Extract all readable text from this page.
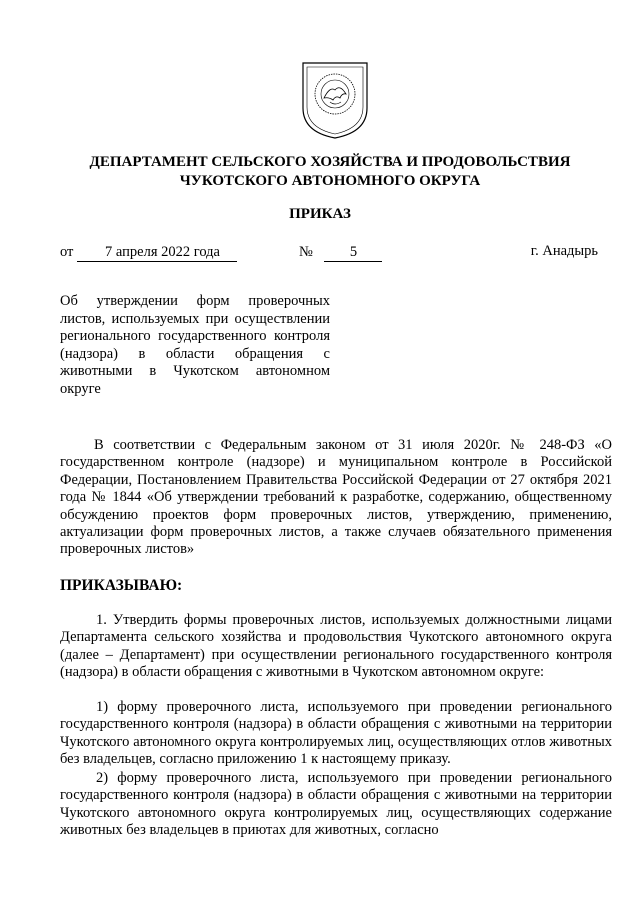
ДЕПАРТАМЕНТ СЕЛЬСКОГО ХОЗЯЙСТВА И ПРОДОВОЛЬСТВИЯ
ЧУКОТСКОГО АВТОНОМНОГО ОКРУГА
ПРИКАЗ
от 7 апреля 2022 года	№	5	г. Анадырь
Об утверждении форм проверочных листов, используемых при осуществлении регионального государственного контроля (надзора) в области обращения с животными в Чукотском автономном округе
В соответствии с Федеральным законом от 31 июля 2020г. № 248-ФЗ «О государственном контроле (надзоре) и муниципальном контроле в Российской Федерации, Постановлением Правительства Российской Федерации от 27 октября 2021 года № 1844 «Об утверждении требований к разработке, содержанию, общественному обсуждению проектов форм проверочных листов, утверждению, применению, актуализации форм проверочных листов, а также случаев обязательного применения проверочных листов»
ПРИКАЗЫВАЮ:
1. Утвердить формы проверочных листов, используемых должностными лицами Департамента сельского хозяйства и продовольствия Чукотского автономного округа (далее – Департамент) при осуществлении регионального государственного контроля (надзора) в области обращения с животными в Чукотском автономном округе:
1) форму проверочного листа, используемого при проведении регионального государственного контроля (надзора) в области обращения с животными на территории Чукотского автономного округа контролируемых лиц, осуществляющих отлов животных без владельцев, согласно приложению 1 к настоящему приказу.
2) форму проверочного листа, используемого при проведении регионального государственного контроля (надзора) в области обращения с животными на территории Чукотского автономного округа контролируемых лиц, осуществляющих содержание животных без владельцев в приютах для животных, согласно
